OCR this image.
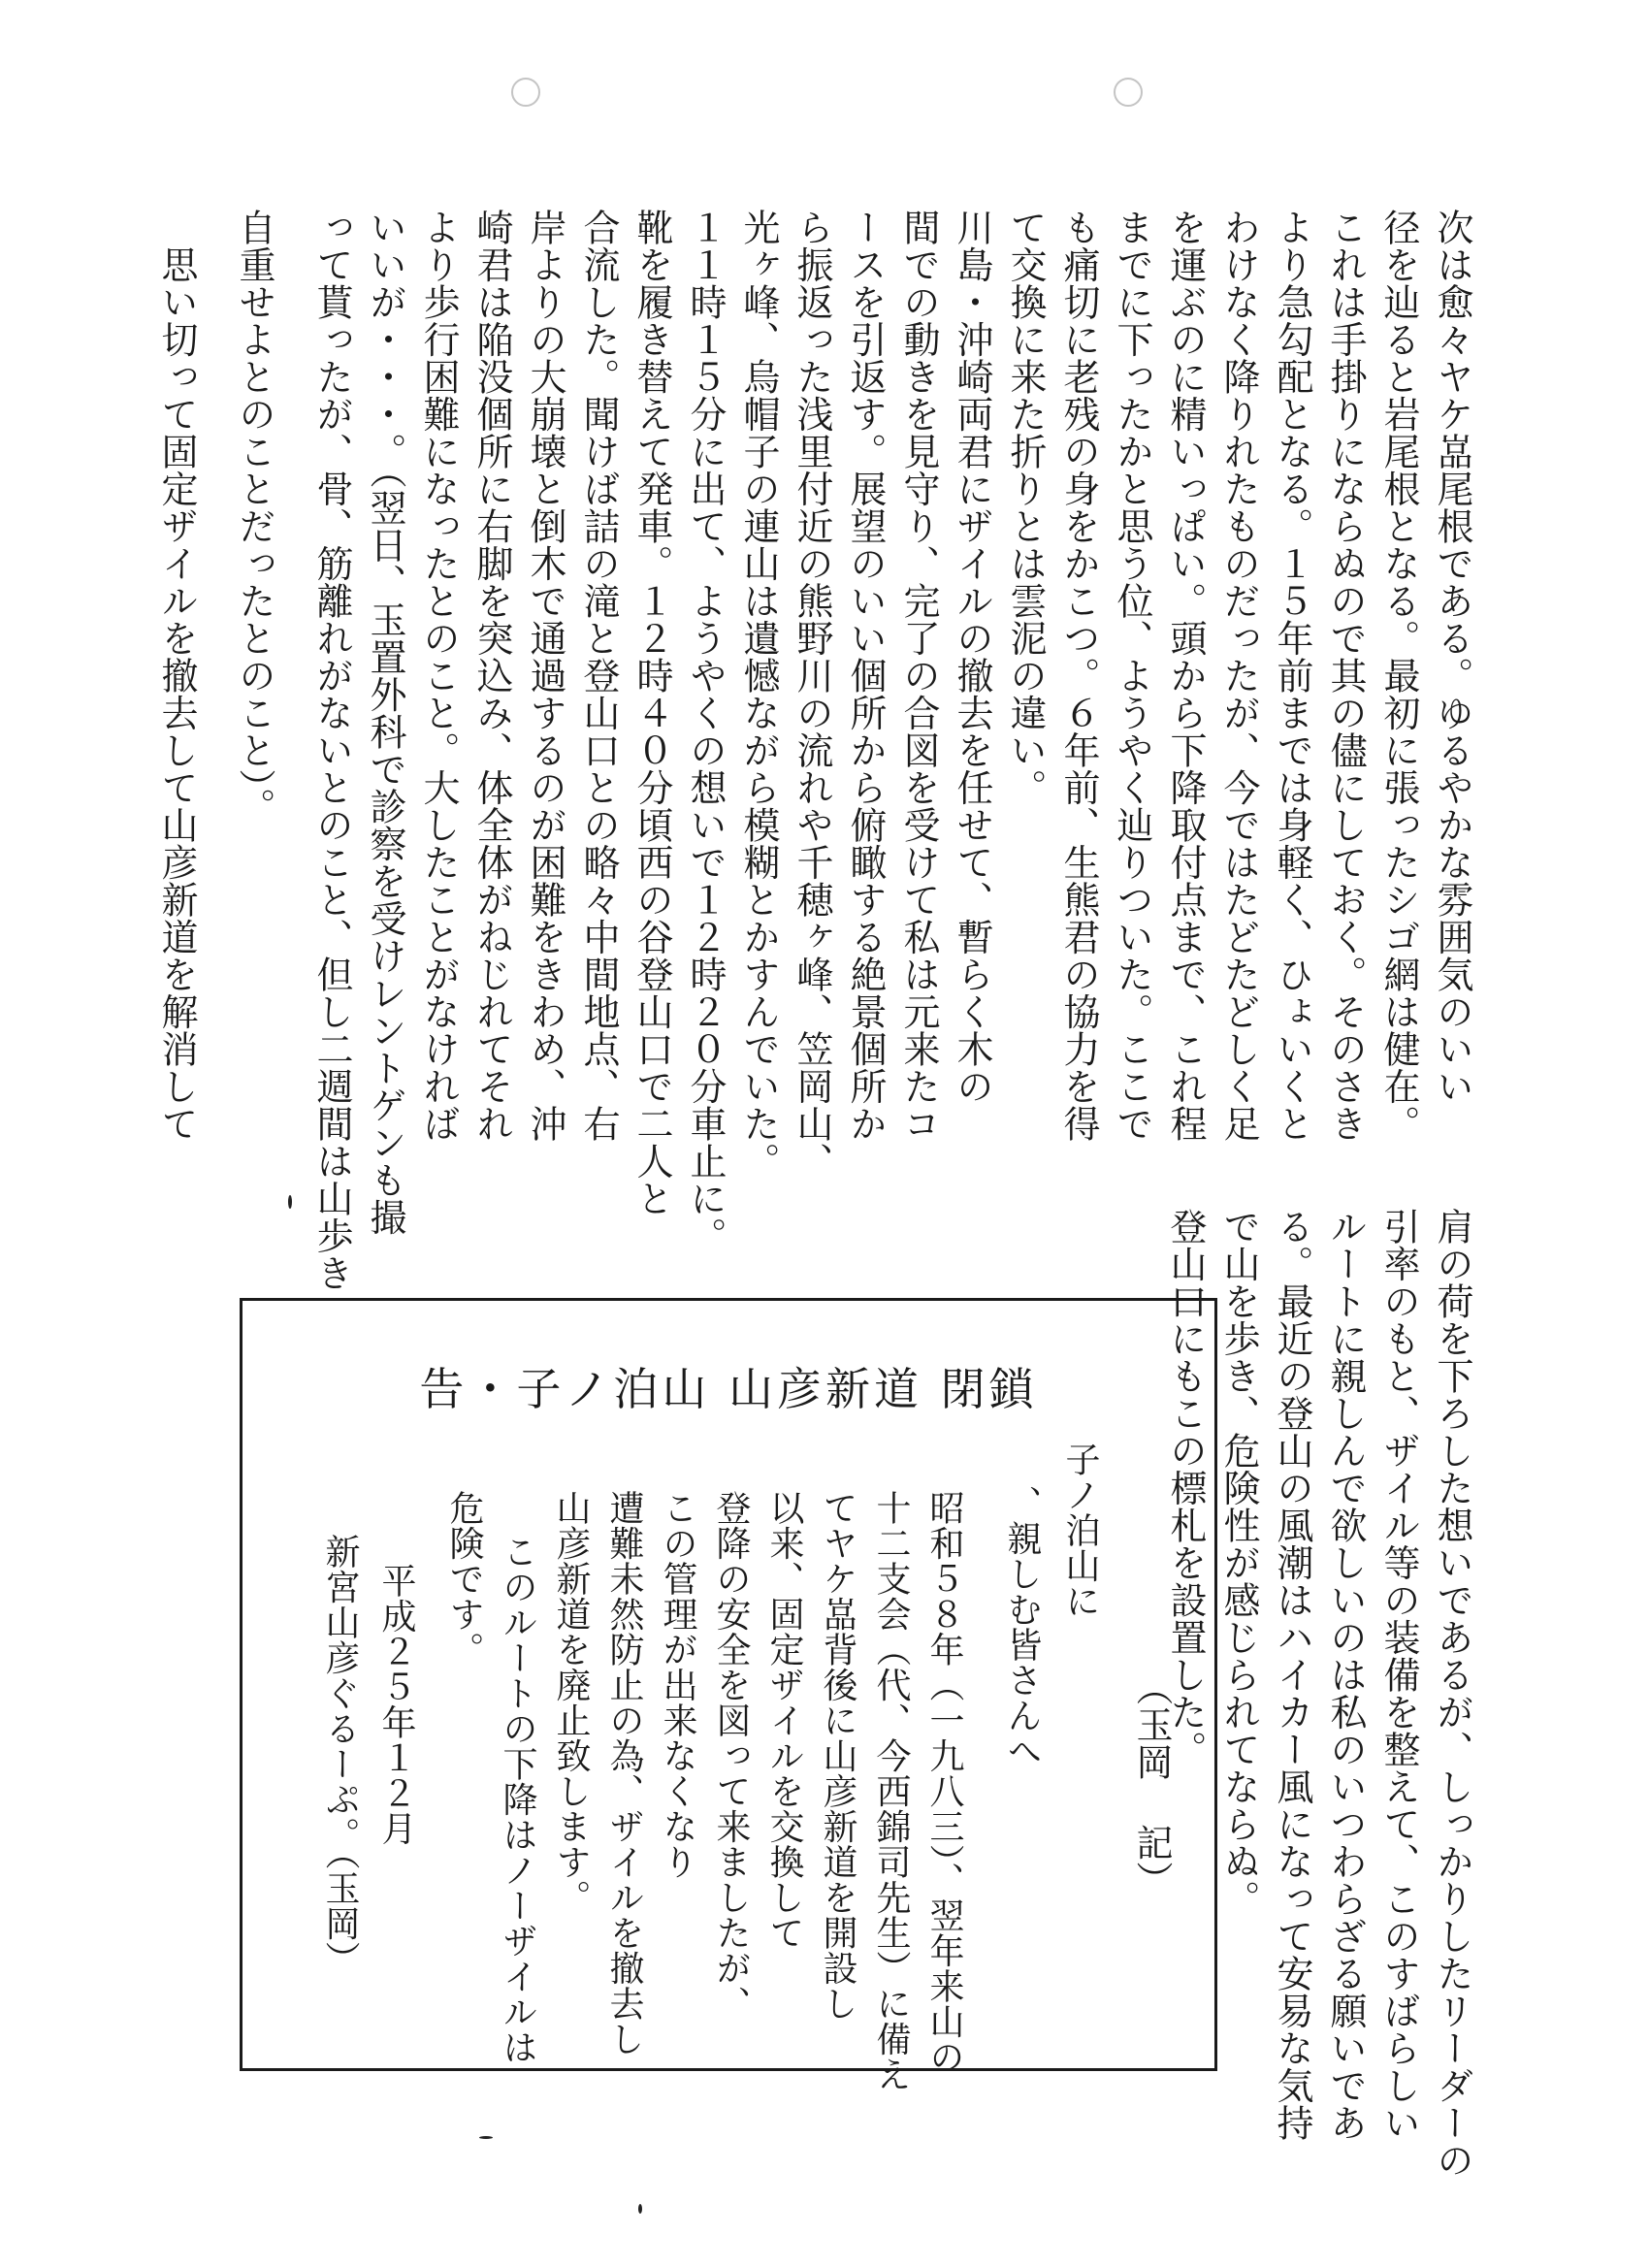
次は愈々ヤケ嵓尾根である。ゆるやかな雰囲気のいい
径を辿ると岩尾根となる。最初に張ったシゴ網は健在。
これは手掛りにならぬので其の儘にしておく。そのさき
より急勾配となる。１５年前までは身軽く、ひょいくと
わけなく降りれたものだったが、今ではたどたどしく足
を運ぶのに精いっぱい。頭から下降取付点まで、これ程
までに下ったかと思う位、ようやく辿りついた。ここで
も痛切に老残の身をかこつ。６年前、生熊君の協力を得
て交換に来た折りとは雲泥の違い。
川島・沖崎両君にザイルの撤去を任せて、暫らく木の
間での動きを見守り、完了の合図を受けて私は元来たコ
ースを引返す。展望のいい個所から俯瞰する絶景個所か
ら振返った浅里付近の熊野川の流れや千穂ヶ峰、笠岡山、
光ヶ峰、烏帽子の連山は遺憾ながら模糊とかすんでいた。
１１時１５分に出て、ようやくの想いで１２時２０分車止に。
靴を履き替えて発車。１２時４０分頃西の谷登山口で二人と
合流した。聞けば詰の滝と登山口との略々中間地点、右
岸よりの大崩壊と倒木で通過するのが困難をきわめ、沖
崎君は陥没個所に右脚を突込み、体全体がねじれてそれ
より歩行困難になったとのこと。大したことがなければ
いいが・・・。（翌日、玉置外科で診察を受けレントゲンも撮
って貰ったが、骨、筋離れがないとのこと、但し二週間は山歩き
自重せよとのことだったとのこと）。
　思い切って固定ザイルを撤去して山彦新道を解消して
肩の荷を下ろした想いであるが、しっかりしたリーダーの
引率のもと、ザイル等の装備を整えて、このすばらしい
ルートに親しんで欲しいのは私のいつわらざる願いであ
る。最近の登山の風潮はハイカー風になって安易な気持
で山を歩き、危険性が感じられてならぬ。
登山口にもこの標札を設置した。
告・子ノ泊山 山彦新道 閉鎖
子ノ泊山に
、親しむ皆さんへ
昭和５８年（一九八三）、翌年来山の
十二支会（代、今西錦司先生）に備え
てヤケ嵓背後に山彦新道を開設し
以来、固定ザイルを交換して
登降の安全を図って来ましたが、
この管理が出来なくなり
遭難未然防止の為、ザイルを撤去し
山彦新道を廃止致します。
このルートの下降はノーザイルは
危険です。
平成２５年１２月
新宮山彦ぐるーぷ。（玉岡）	（玉岡 記）
